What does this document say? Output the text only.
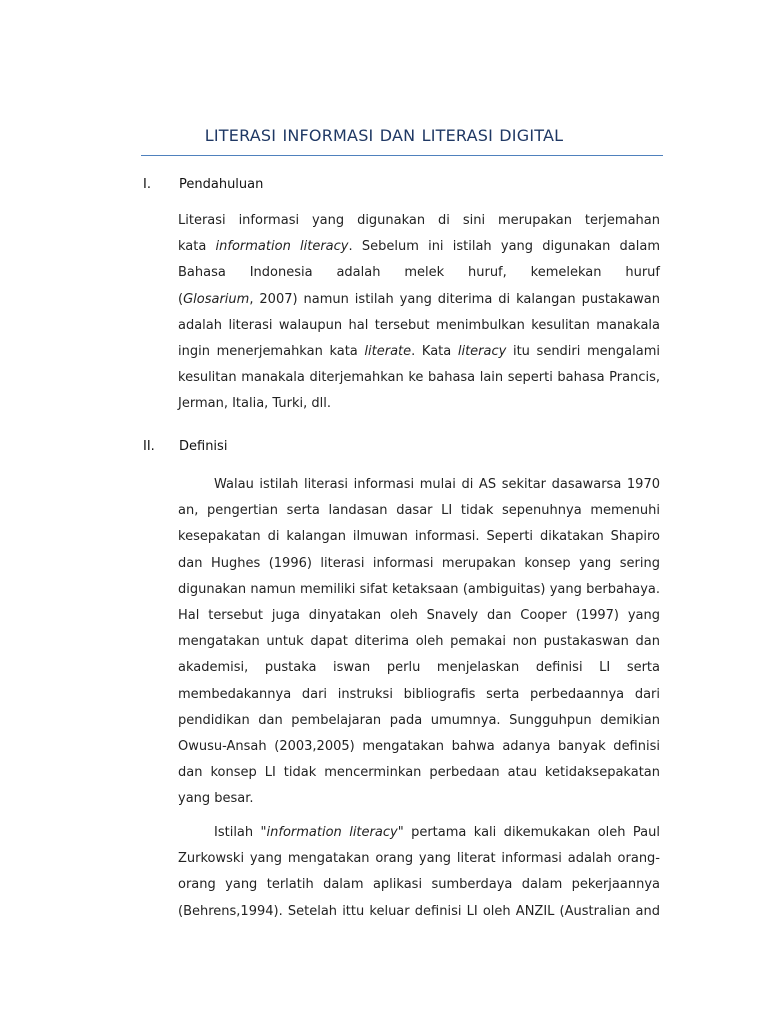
LITERASI INFORMASI DAN LITERASI DIGITAL
I. Pendahuluan
Literasi informasi yang digunakan di sini merupakan terjemahan
kata information literacy. Sebelum ini istilah yang digunakan dalam
Bahasa Indonesia adalah melek huruf, kemelekan huruf
(Glosarium, 2007) namun istilah yang diterima di kalangan pustakawan
adalah literasi walaupun hal tersebut menimbulkan kesulitan manakala
ingin menerjemahkan kata literate. Kata literacy itu sendiri mengalami
kesulitan manakala diterjemahkan ke bahasa lain seperti bahasa Prancis,
Jerman, Italia, Turki, dll.
II. Definisi
Walau istilah literasi informasi mulai di AS sekitar dasawarsa 1970
an, pengertian serta landasan dasar LI tidak sepenuhnya memenuhi
kesepakatan di kalangan ilmuwan informasi. Seperti dikatakan Shapiro
dan Hughes (1996) literasi informasi merupakan konsep yang sering
digunakan namun memiliki sifat ketaksaan (ambiguitas) yang berbahaya.
Hal tersebut juga dinyatakan oleh Snavely dan Cooper (1997) yang
mengatakan untuk dapat diterima oleh pemakai non pustakaswan dan
akademisi, pustaka iswan perlu menjelaskan definisi LI serta
membedakannya dari instruksi bibliografis serta perbedaannya dari
pendidikan dan pembelajaran pada umumnya. Sungguhpun demikian
Owusu-Ansah (2003,2005) mengatakan bahwa adanya banyak definisi
dan konsep LI tidak mencerminkan perbedaan atau ketidaksepakatan
yang besar.
Istilah "information literacy" pertama kali dikemukakan oleh Paul
Zurkowski yang mengatakan orang yang literat informasi adalah orang-
orang yang terlatih dalam aplikasi sumberdaya dalam pekerjaannya
(Behrens,1994). Setelah ittu keluar definisi LI oleh ANZIL (Australian and
